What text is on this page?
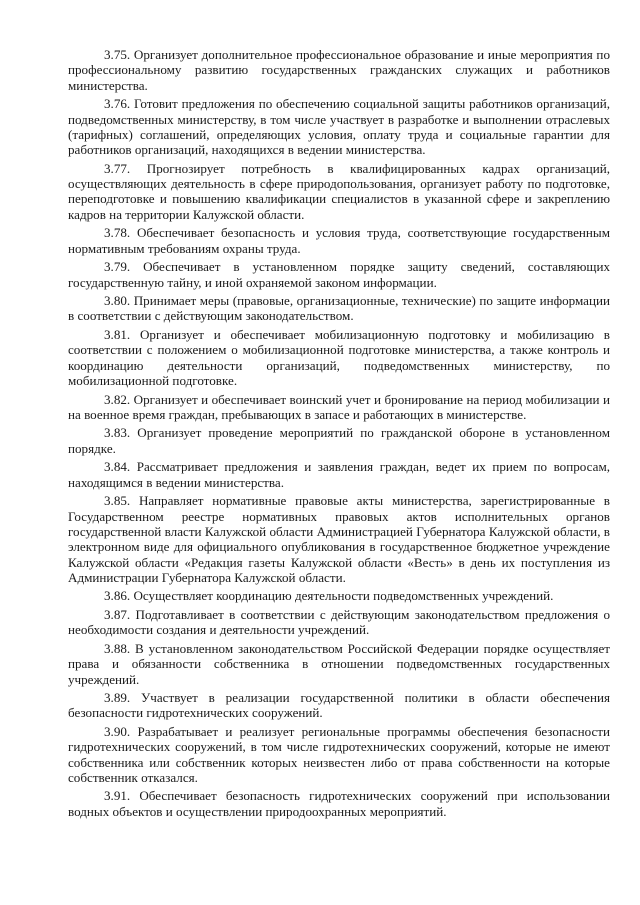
3.75. Организует дополнительное профессиональное образование и иные мероприятия по профессиональному развитию государственных гражданских служащих и работников министерства.

3.76. Готовит предложения по обеспечению социальной защиты работников организаций, подведомственных министерству, в том числе участвует в разработке и выполнении отраслевых (тарифных) соглашений, определяющих условия, оплату труда и социальные гарантии для работников организаций, находящихся в ведении министерства.

3.77. Прогнозирует потребность в квалифицированных кадрах организаций, осуществляющих деятельность в сфере природопользования, организует работу по подготовке, переподготовке и повышению квалификации специалистов в указанной сфере и закреплению кадров на территории Калужской области.

3.78. Обеспечивает безопасность и условия труда, соответствующие государственным нормативным требованиям охраны труда.

3.79. Обеспечивает в установленном порядке защиту сведений, составляющих государственную тайну, и иной охраняемой законом информации.

3.80. Принимает меры (правовые, организационные, технические) по защите информации в соответствии с действующим законодательством.

3.81. Организует и обеспечивает мобилизационную подготовку и мобилизацию в соответствии с положением о мобилизационной подготовке министерства, а также контроль и координацию деятельности организаций, подведомственных министерству, по мобилизационной подготовке.

3.82. Организует и обеспечивает воинский учет и бронирование на период мобилизации и на военное время граждан, пребывающих в запасе и работающих в министерстве.

3.83. Организует проведение мероприятий по гражданской обороне в установленном порядке.

3.84. Рассматривает предложения и заявления граждан, ведет их прием по вопросам, находящимся в ведении министерства.

3.85. Направляет нормативные правовые акты министерства, зарегистрированные в Государственном реестре нормативных правовых актов исполнительных органов государственной власти Калужской области Администрацией Губернатора Калужской области, в электронном виде для официального опубликования в государственное бюджетное учреждение Калужской области «Редакция газеты Калужской области «Весть» в день их поступления из Администрации Губернатора Калужской области.

3.86. Осуществляет координацию деятельности подведомственных учреждений.

3.87. Подготавливает в соответствии с действующим законодательством предложения о необходимости создания и деятельности учреждений.

3.88. В установленном законодательством Российской Федерации порядке осуществляет права и обязанности собственника в отношении подведомственных государственных учреждений.

3.89. Участвует в реализации государственной политики в области обеспечения безопасности гидротехнических сооружений.

3.90. Разрабатывает и реализует региональные программы обеспечения безопасности гидротехнических сооружений, в том числе гидротехнических сооружений, которые не имеют собственника или собственник которых неизвестен либо от права собственности на которые собственник отказался.

3.91. Обеспечивает безопасность гидротехнических сооружений при использовании водных объектов и осуществлении природоохранных мероприятий.
